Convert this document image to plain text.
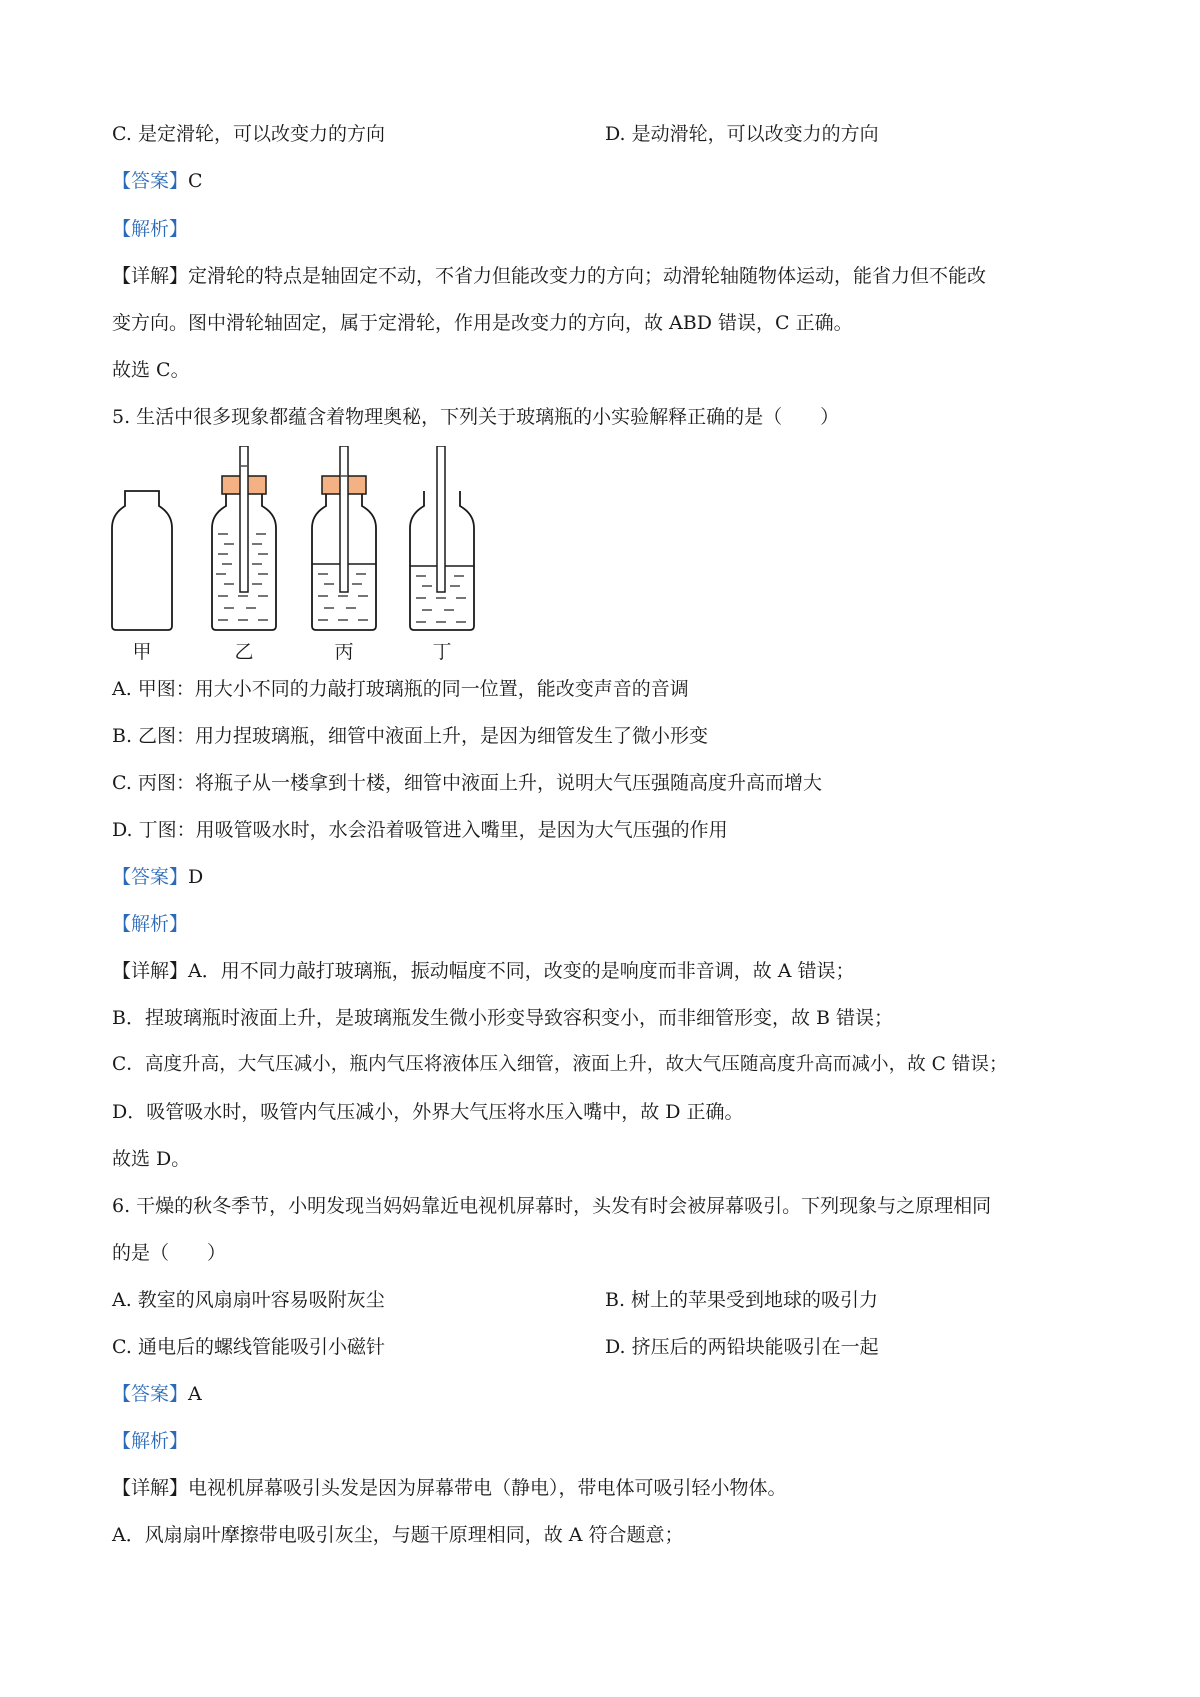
C. 是定滑轮，可以改变力的方向	D. 是动滑轮，可以改变力的方向
【答案】C
【解析】
【详解】定滑轮的特点是轴固定不动，不省力但能改变力的方向；动滑轮轴随物体运动，能省力但不能改
变方向。图中滑轮轴固定，属于定滑轮，作用是改变力的方向，故 ABD 错误，C 正确。
故选 C。
5. 生活中很多现象都蕴含着物理奥秘，下列关于玻璃瓶的小实验解释正确的是（　　）
甲	乙	丙	丁
A. 甲图：用大小不同的力敲打玻璃瓶的同一位置，能改变声音的音调
B. 乙图：用力捏玻璃瓶，细管中液面上升，是因为细管发生了微小形变
C. 丙图：将瓶子从一楼拿到十楼，细管中液面上升，说明大气压强随高度升高而增大
D. 丁图：用吸管吸水时，水会沿着吸管进入嘴里，是因为大气压强的作用
【答案】D
【解析】
【详解】A．用不同力敲打玻璃瓶，振动幅度不同，改变的是响度而非音调，故 A 错误；
B．捏玻璃瓶时液面上升，是玻璃瓶发生微小形变导致容积变小，而非细管形变，故 B 错误；
C．高度升高，大气压减小，瓶内气压将液体压入细管，液面上升，故大气压随高度升高而减小，故 C 错误；
D．吸管吸水时，吸管内气压减小，外界大气压将水压入嘴中，故 D 正确。
故选 D。
6. 干燥的秋冬季节，小明发现当妈妈靠近电视机屏幕时，头发有时会被屏幕吸引。下列现象与之原理相同
的是（　　）
A. 教室的风扇扇叶容易吸附灰尘	B. 树上的苹果受到地球的吸引力
C. 通电后的螺线管能吸引小磁针	D. 挤压后的两铅块能吸引在一起
【答案】A
【解析】
【详解】电视机屏幕吸引头发是因为屏幕带电（静电），带电体可吸引轻小物体。
A．风扇扇叶摩擦带电吸引灰尘，与题干原理相同，故 A 符合题意；
